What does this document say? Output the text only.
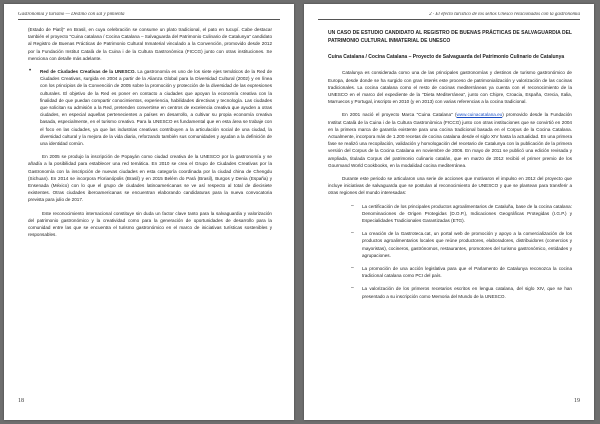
Gastronomía y turismo — Destino con sal y pimienta

(Estado de Piatí)" en Brasil, en cuya celebración se consume un plato tradicional, el pato en tucupí. Cabe destacar también el proyecto "Cuina catalana / Cocina Catalana – Salvaguarda del Patrimonio Culinario de Catalunya" candidato al Registro de Buenas Prácticas de Patrimonio Cultural Inmaterial vinculado a la Convención, promovido desde 2012 por la Fundación Institut Català de la Cuina i de la Cultura Gastronòmica (FICCG) junto con otras instituciones. Se menciona con detalle más adelante.

• Red de Ciudades Creativas de la UNESCO. La gastronomía es uno de los siete ejes temáticos de la Red de Ciudades Creativas, surgida en 2004 a partir de la Alianza Global para la Diversidad Cultural (2002) y en línea con los principios de la Convención de 2005 sobre la promoción y protección de la diversidad de las expresiones culturales. El objetivo de la Red es poner en contacto a ciudades que apoyan la economía creativa con la finalidad de que puedan compartir conocimientos, experiencia, habilidades directivas y tecnología. Las ciudades que solicitan su admisión a la Red, pretenden convertirse en centros de excelencia creativa que ayuden a otras ciudades, en especial aquellas pertenecientes a países en desarrollo, a cultivar su propia economía creativa basada, especialmente, en el turismo creativo. Para la UNESCO es fundamental que en esta área se trabaje con el foco en las ciudades, ya que las industrias creativas contribuyen a la articulación social de una ciudad, la diversidad cultural y la mejora de la vida diaria, reforzando también sus comunidades y ayudan a la definición de una identidad común.

En 2005 se produjo la inscripción de Popayán como ciudad creativa de la UNESCO por la gastronomía y se añadía a la posibilidad para establecer una red temática. En 2010 se crea el Grupo de Ciudades Creativas por la Gastronomía con la inscripción de nuevas ciudades en esta categoría coordinada por la ciudad china de Chengdu (Sichuan). En 2014 se incorpora Florianópolis (Brasil) y en 2015 Belém do Pará (Brasil), Burgos y Denia (España) y Ensenada (México) con lo que el grupo de ciudades latinoamericanas se ve así respecto al total de diecisiete existentes. Otras ciudades iberoamericanas se encuentran elaborando candidaturas para la nueva convocatoria prevista para julio de 2017.

Este reconocimiento internacional constituye sin duda un factor clave tanto para la salvaguardia y valorización del patrimonio gastronómico y la creatividad como para la generación de oportunidades de desarrollo para la comunidad entre las que se encuentra el turismo gastronómico en el marco de iniciativas turísticas sostenibles y responsables.

18
2 · El efecto turístico de los sellos Unesco relacionados con la gastronomía
UN CASO DE ESTUDIO CANDIDATO AL REGISTRO DE BUENAS PRÁCTICAS DE SALVAGUARDIA DEL PATRIMONIO CULTURAL INMATERIAL DE UNESCO
Cuina Catalana / Cocina Catalana – Proyecto de Salvaguarda del Patrimonio Culinario de Catalunya

Catalunya es considerada como una de las principales gastronomías y destinos de turismo gastronómico de Europa, desde donde se ha surgido con gran interés este proceso de patrimonialización y valorización de las cocinas tradicionales. La cocina catalana como el resto de cocinas mediterráneas ya cuenta con el reconocimiento de la UNESCO en el marco del expediente de la "Dieta Mediterránea", junto con Chipre, Croacia, España, Grecia, Italia, Marruecos y Portugal, inscripto en 2010 (y en 2013) con varias referencias a la cocina tradicional.

En 2001 nació el proyecto Marca "Cuina Catalana" (www.cuinacatalana.eu) promovido desde la Fundación Institut Català de la Cuina i de la Cultura Gastronòmica (FICCG) junto con otras instituciones que se convirtió en 2004 en la primera marca de garantía existente para una cocina tradicional basada en el Corpus de la Cocina Catalana. Actualmente, incorpora más de 1.200 recetas de cocina catalana desde el siglo XIV hasta la actualidad. En una primera fase se realizó una recopilación, validación y homologación del recetario de Catalunya con la publicación de la primera versión del Corpus de la Cocina Catalana en noviembre de 2006. En mayo de 2011 se publicó una edición revisada y ampliada, titulada Corpus del patrimonio culinario catalán, que en marzo de 2012 recibió el primer premio de los Gourmand World Cookbooks, en la modalidad cocina mediterránea.

Durante este periodo se articularon una serie de acciones que motivaron el impulso en 2012 del proyecto que incluye iniciativas de salvaguarda que se postulan al reconocimiento de UNESCO y que se plantean para transferir a otras regiones del mundo interesadas:

– La certificación de los principales productos agroalimentarios de Cataluña, base de la cocina catalana: Denominaciones de Origen Protegidas (D.O.P.), Indicaciones Geográficas Protegidas (I.G.P.) y Especialidades Tradicionales Garantizadas (ETG).

– La creación de la Gastroteca.cat, un portal web de promoción y apoyo a la comercialización de los productos agroalimentarios locales que reúne productores, elaboradores, distribuidores (comercios y mayoristas), cocineros, gastrónomos, restaurantes, promotores del turismo gastronómico, entidades y agrupaciones.

– La promoción de una acción legislativa para que el Parlamento de Catalunya reconozca la cocina tradicional catalana como PCI del país.

– La valorización de los primeros recetarios escritos en lengua catalana, del siglo XIV, que se han presentado a su inscripción como Memoria del Mundo de la UNESCO.

19
